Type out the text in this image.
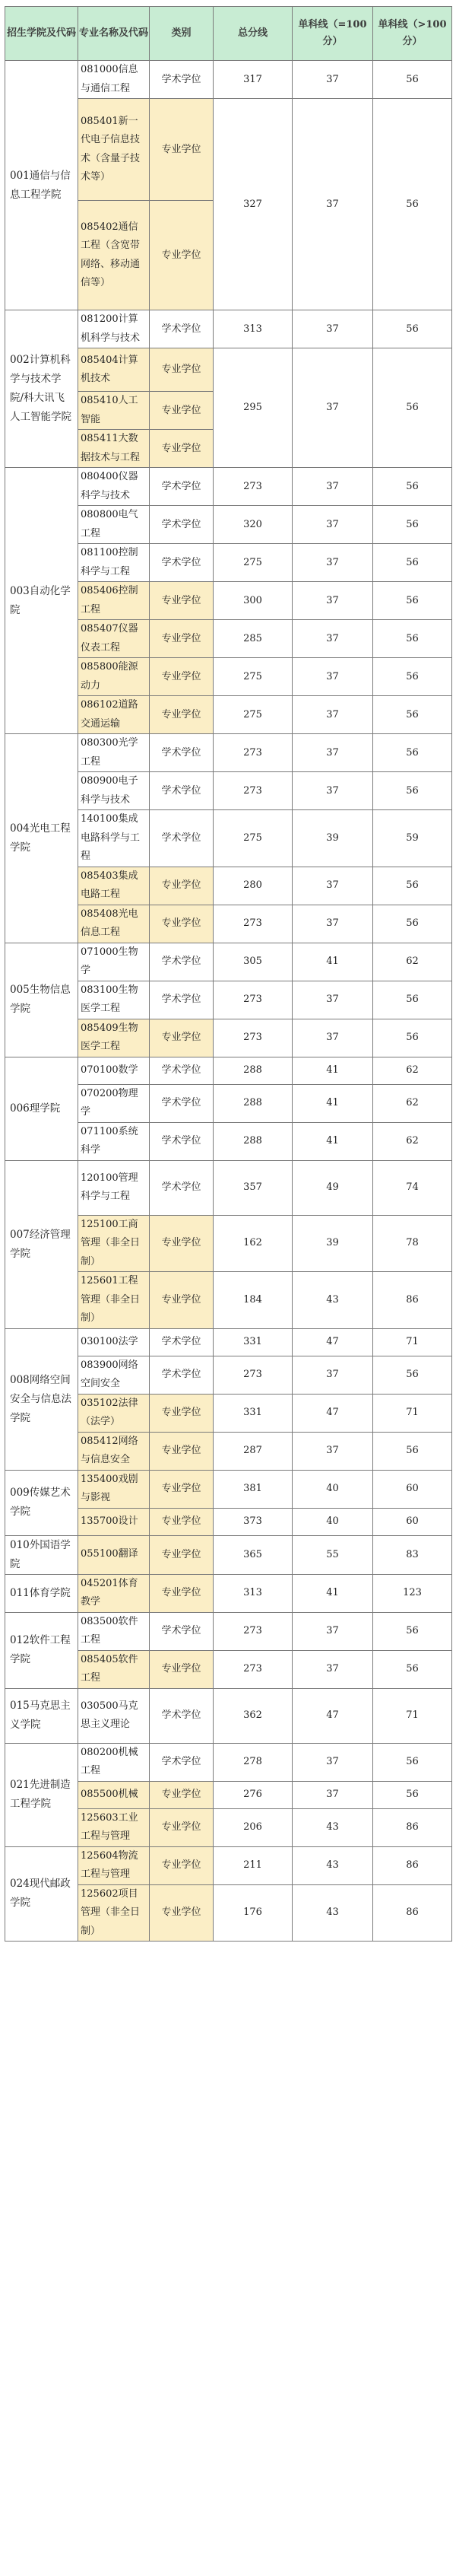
招生学院及代码	专业名称及代码	类别	总分线	单科线（=100分）	单科线（>100分）
001通信与信息工程学院	081000信息与通信工程	学术学位	317	37	56
	085401新一代电子信息技术（含量子技术等）	专业学位	327	37	56
	085402通信工程（含宽带网络、移动通信等）	专业学位			
002计算机科学与技术学院/科大讯飞人工智能学院	081200计算机科学与技术	学术学位	313	37	56
	085404计算机技术	专业学位	295	37	56
	085410人工智能	专业学位			
	085411大数据技术与工程	专业学位			
003自动化学院	080400仪器科学与技术	学术学位	273	37	56
	080800电气工程	学术学位	320	37	56
	081100控制科学与工程	学术学位	275	37	56
	085406控制工程	专业学位	300	37	56
	085407仪器仪表工程	专业学位	285	37	56
	085800能源动力	专业学位	275	37	56
	086102道路交通运输	专业学位	275	37	56
004光电工程学院	080300光学工程	学术学位	273	37	56
	080900电子科学与技术	学术学位	273	37	56
	140100集成电路科学与工程	学术学位	275	39	59
	085403集成电路工程	专业学位	280	37	56
	085408光电信息工程	专业学位	273	37	56
005生物信息学院	071000生物学	学术学位	305	41	62
	083100生物医学工程	学术学位	273	37	56
	085409生物医学工程	专业学位	273	37	56
006理学院	070100数学	学术学位	288	41	62
	070200物理学	学术学位	288	41	62
	071100系统科学	学术学位	288	41	62
007经济管理学院	120100管理科学与工程	学术学位	357	49	74
	125100工商管理（非全日制）	专业学位	162	39	78
	125601工程管理（非全日制）	专业学位	184	43	86
008网络空间安全与信息法学院	030100法学	学术学位	331	47	71
	083900网络空间安全	学术学位	273	37	56
	035102法律（法学）	专业学位	331	47	71
	085412网络与信息安全	专业学位	287	37	56
009传媒艺术学院	135400戏剧与影视	专业学位	381	40	60
	135700设计	专业学位	373	40	60
010外国语学院	055100翻译	专业学位	365	55	83
011体育学院	045201体育教学	专业学位	313	41	123
012软件工程学院	083500软件工程	学术学位	273	37	56
	085405软件工程	专业学位	273	37	56
015马克思主义学院	030500马克思主义理论	学术学位	362	47	71
021先进制造工程学院	080200机械工程	学术学位	278	37	56
	085500机械	专业学位	276	37	56
	125603工业工程与管理	专业学位	206	43	86
024现代邮政学院	125604物流工程与管理	专业学位	211	43	86
	125602项目管理（非全日制）	专业学位	176	43	86
